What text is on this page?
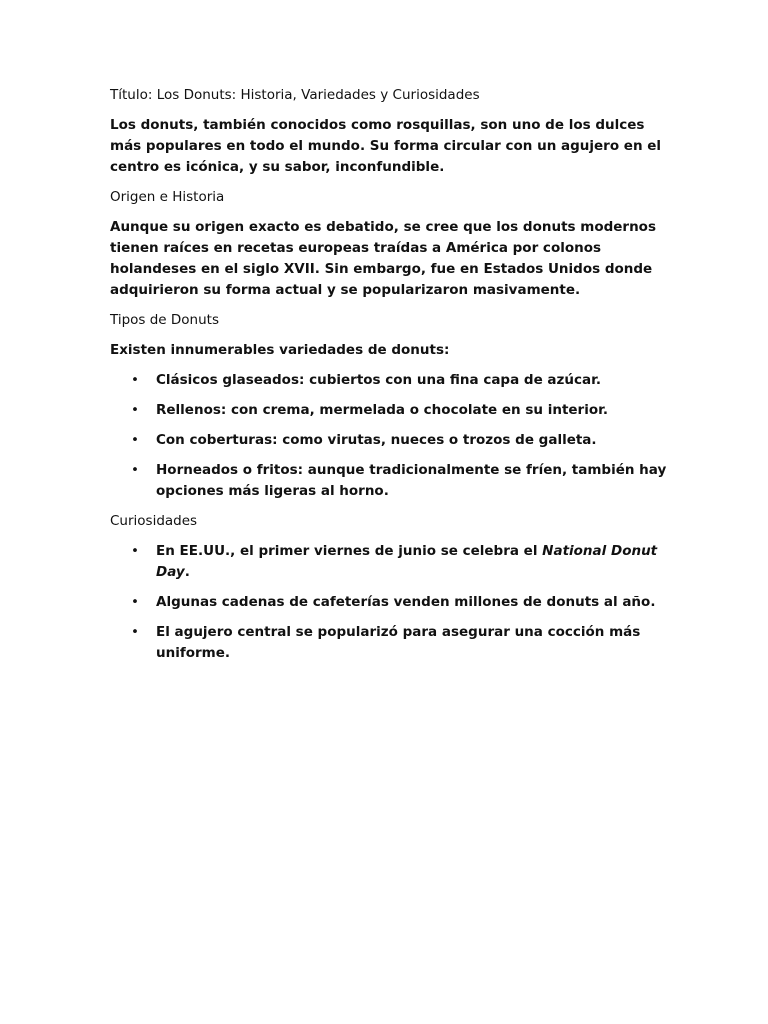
Título: Los Donuts: Historia, Variedades y Curiosidades

Los donuts, también conocidos como rosquillas, son uno de los dulces más populares en todo el mundo. Su forma circular con un agujero en el centro es icónica, y su sabor, inconfundible.

Origen e Historia

Aunque su origen exacto es debatido, se cree que los donuts modernos tienen raíces en recetas europeas traídas a América por colonos holandeses en el siglo XVII. Sin embargo, fue en Estados Unidos donde adquirieron su forma actual y se popularizaron masivamente.

Tipos de Donuts

Existen innumerables variedades de donuts:

• Clásicos glaseados: cubiertos con una fina capa de azúcar.
• Rellenos: con crema, mermelada o chocolate en su interior.
• Con coberturas: como virutas, nueces o trozos de galleta.
• Horneados o fritos: aunque tradicionalmente se fríen, también hay opciones más ligeras al horno.

Curiosidades

• En EE.UU., el primer viernes de junio se celebra el National Donut Day.
• Algunas cadenas de cafeterías venden millones de donuts al año.
• El agujero central se popularizó para asegurar una cocción más uniforme.
